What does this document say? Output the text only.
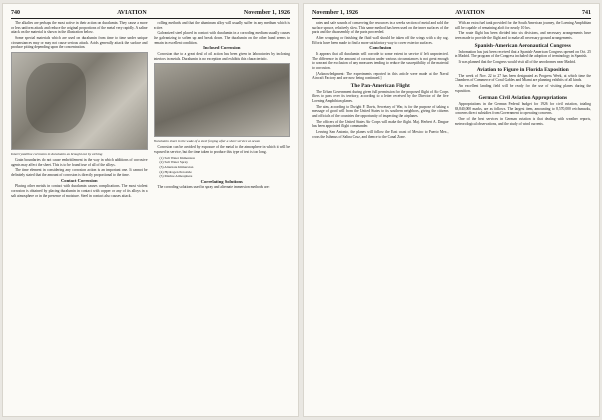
740	AVIATION	November 1, 1926

The alkalies are perhaps the most active in their action on duralumin. They cause a more or less uniform attack and reduce the original proportions of the metal very rapidly. A saline attack on the material is shown in the illustration below.

Some special materials which are used on duralumin from time to time under unique circumstances may or may not cause serious attack. Acids generally attack the surface and produce pitting depending upon the concentration.

Intercrystalline corrosion in duralumin as brought out by etching

Grain boundaries do not cause embrittlement in the way in which additions of corrosive agents may affect the sheet. This is to be found true of all of the alloys.

The time element in considering any corrosion action is an important one. It cannot be definitely stated that the amount of corrosion is directly proportional to the time.

Contact Corrosion

Placing other metals in contact with duralumin causes complications. The most violent corrosion is obtained by placing duralumin in contact with copper or any of its alloys in a salt atmosphere or in the presence of moisture. Steel in contact also causes attack.

rolling methods and that the aluminum alloy will usually suffer in any medium which is active.

Galvanized steel placed in contact with duralumin in a corroding medium usually causes the galvanizing to soften up and break down. The duralumin on the other hand seems to remain in excellent condition.

Inclosed Corrosion

Corrosion due to a great deal of oil action has been given in laboratories by inclosing interiors in metals. Duralumin is no exception and exhibits this characteristic.

Duralumin sheet in the wake of a steel forging after a short service at ocean

Corrosion can be avoided by exposure of the metal to the atmosphere in which it will be exposed in service, but the time taken to produce this type of test is too long.

(1) Salt Water Immersion
(2) Salt Water Spray
(3) Alternate Immersion
(4) Hydrogen Peroxide
(5) Marine Atmosphere
Correlating Solutions

The corroding solutions used in spray and alternate immersion methods are:

November 1, 1926	AVIATION	741

rates and safe sounds of conserving the resources in a weeks section of metal and sold the surface spruce, relatively slow. This same method has been used on the inner surfaces of the parts and the disassembly of the parts proceeded.

After wrapping or finishing the fluid wall should be taken off the wings with a dry rag. Efforts have been made to find a more satisfactory way to cover exterior surfaces.

Conclusion

It appears that all duralumin will corrode to some extent in service if left unprotected. The difference in the amount of corrosion under various circumstances is not great enough to warrant the exclusion of any measures tending to reduce the susceptibility of the material to corrosion.

[Acknowledgment: The experiments reported in this article were made at the Naval Aircraft Factory and are now being continued.]

The Pan-American Flight

The Urban Government during given full permission for the proposed flight of Air Corps fliers to pass over its territory, according to a letter received by the Director of the five Loening Amphibian planes.

The aim, according to Dwight F. Davis, Secretary of War, is for the purpose of taking a message of good will from the United States to its southern neighbors, giving the citizens and officials of the countries the opportunity of inspecting the airplanes.

The officers of the United States Air Corps will make the flight. Maj. Herbert A. Dargue has been appointed flight commander.

Leaving San Antonio, the planes will follow the East coast of Mexico to Puerto Mex., cross the Isthmus of Salina Cruz, and thence to the Canal Zone.

With an extra fuel tank provided for the South American journey, the Loening Amphibian will be capable of remaining aloft for nearly 10 hrs.

The route flight has been divided into six divisions, and necessary arrangements have been made to provide the flight and to make all necessary ground arrangements.

Spanish-American Aeronautical Congress

Information has just been received that a Spanish-American Congress opened on Oct. 25 in Madrid. The program of the Congress included the adoption of terminology in Spanish.

It was planned that the Congress would visit all of the aerodromes near Madrid.

Aviation to Figure in Florida Exposition

The week of Nov. 22 to 27 has been designated as Progress Week, at which time the Chambers of Commerce of Coral Gables and Miami are planning exhibits of all kinds.

An excellent landing field will be ready for the use of visiting planes during the exposition.

German Civil Aviation Appropriations

Appropriations in the German Federal budget for 1926 for civil aviation, totaling 38,840,000 marks, are as follows. The largest item, amounting to 8,570,000 reichsmarks, concerns direct subsidies from Government to operating concerns.

One of the best services in German aviation is that dealing with weather reports, meteorological observations, and the study of wind currents.
